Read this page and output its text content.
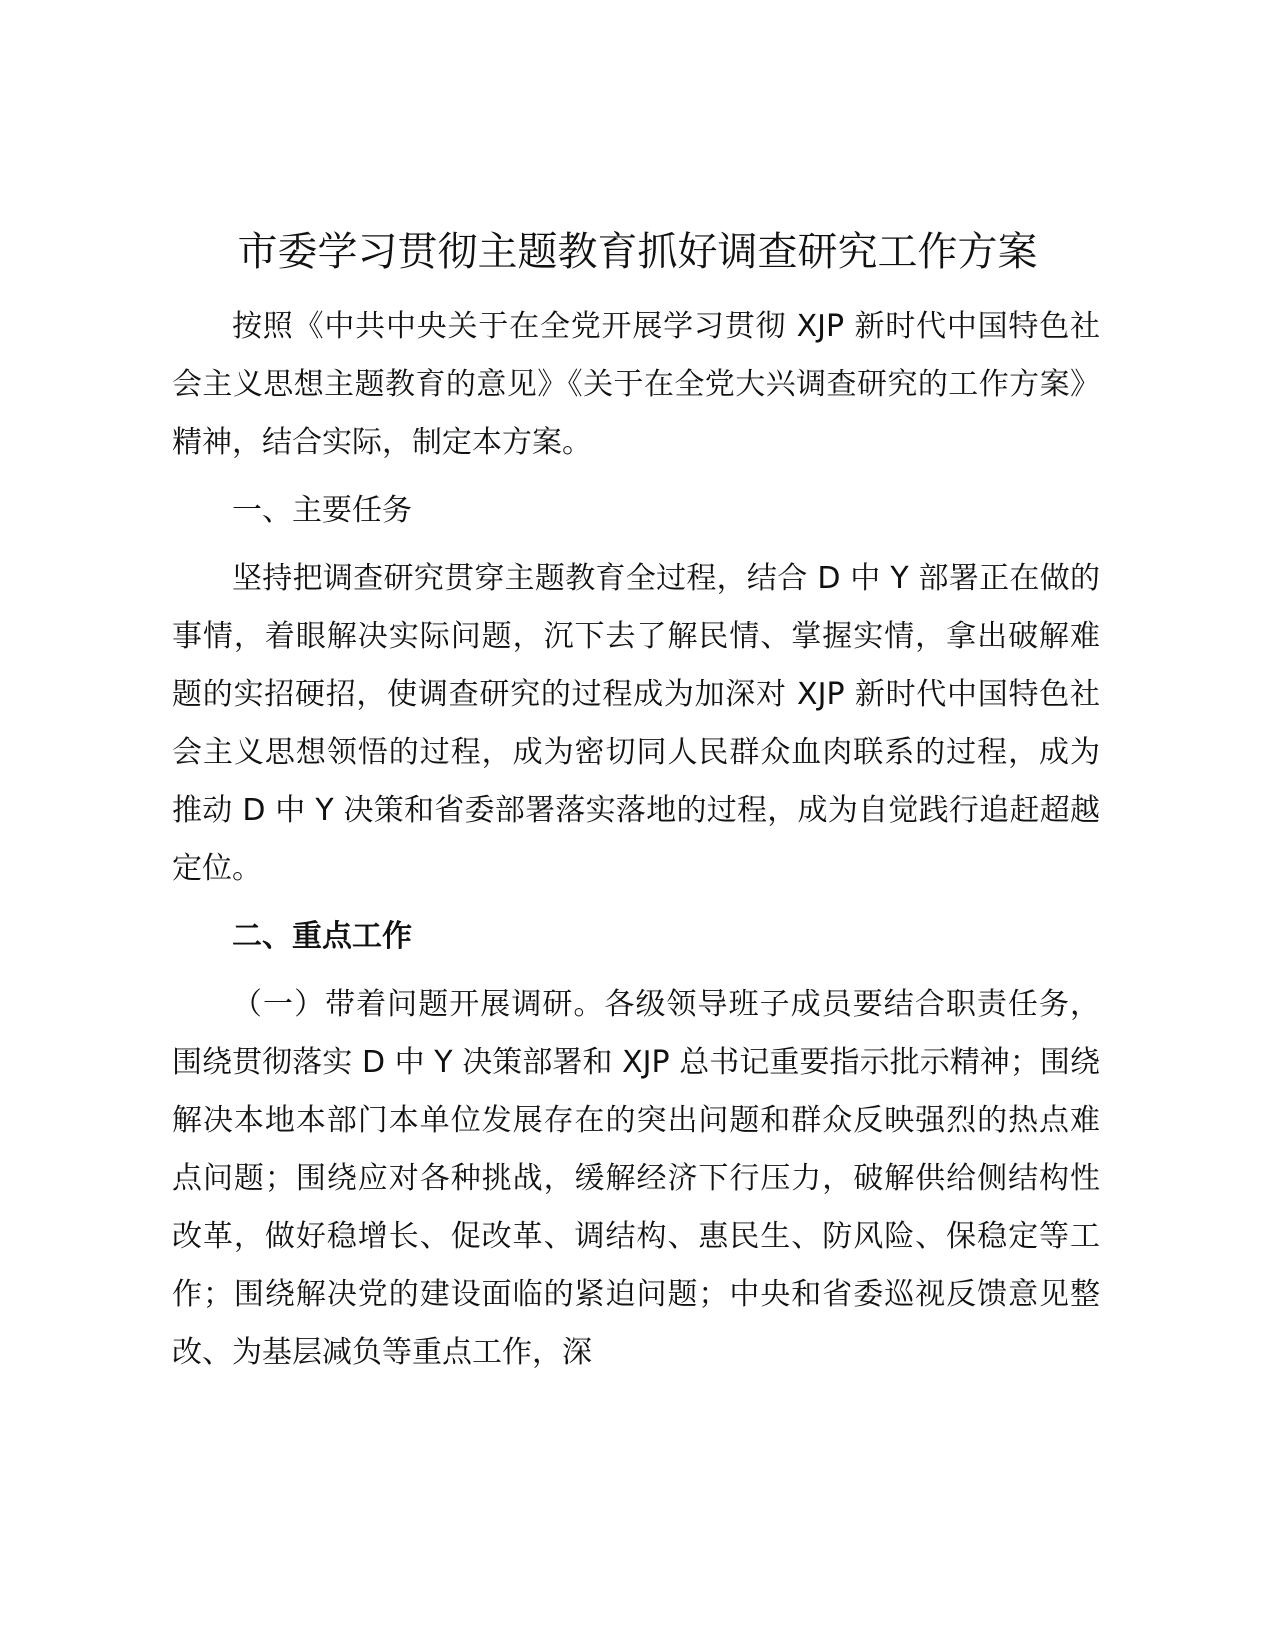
市委学习贯彻主题教育抓好调查研究工作方案

按照《中共中央关于在全党开展学习贯彻 XJP 新时代中国特色社会主义思想主题教育的意见》《关于在全党大兴调查研究的工作方案》精神，结合实际，制定本方案。

一、主要任务

坚持把调查研究贯穿主题教育全过程，结合 D 中 Y 部署正在做的事情，着眼解决实际问题，沉下去了解民情、掌握实情，拿出破解难题的实招硬招，使调查研究的过程成为加深对 XJP 新时代中国特色社会主义思想领悟的过程，成为密切同人民群众血肉联系的过程，成为推动 D 中 Y 决策和省委部署落实落地的过程，成为自觉践行追赶超越定位。

二、重点工作

（一）带着问题开展调研。各级领导班子成员要结合职责任务，围绕贯彻落实 D 中 Y 决策部署和 XJP 总书记重要指示批示精神；围绕解决本地本部门本单位发展存在的突出问题和群众反映强烈的热点难点问题；围绕应对各种挑战，缓解经济下行压力，破解供给侧结构性改革，做好稳增长、促改革、调结构、惠民生、防风险、保稳定等工作；围绕解决党的建设面临的紧迫问题；中央和省委巡视反馈意见整改、为基层减负等重点工作，深
